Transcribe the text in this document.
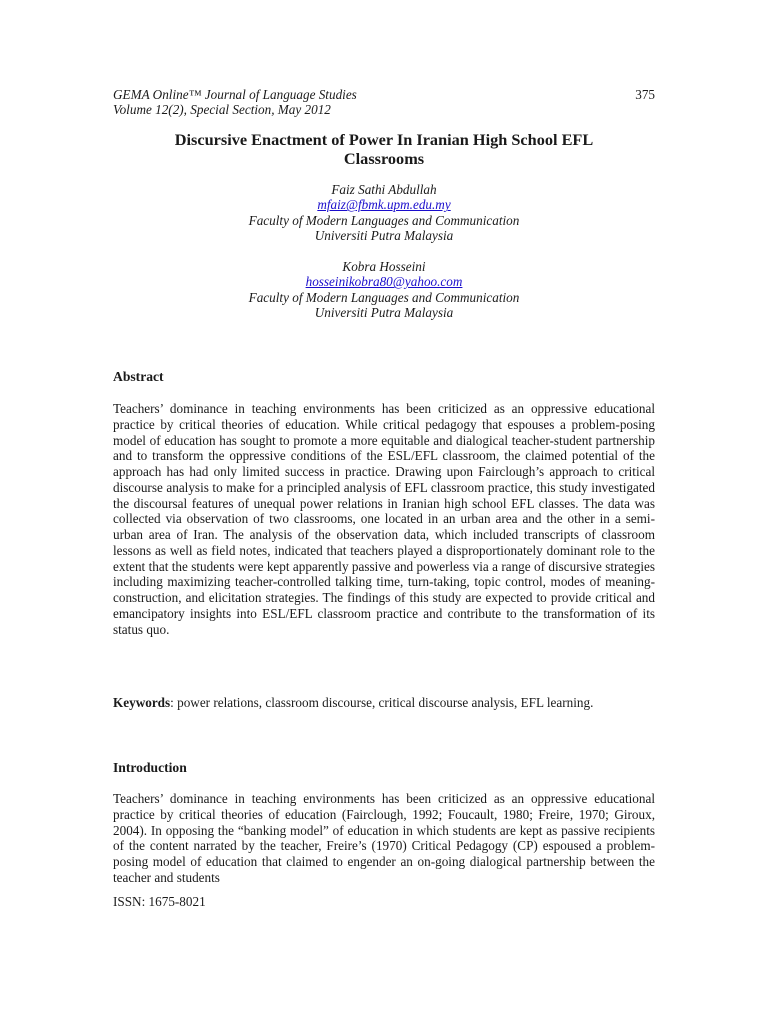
GEMA Online™ Journal of Language Studies
Volume 12(2), Special Section, May 2012
375
Discursive Enactment of Power In Iranian High School EFL
Classrooms
Faiz Sathi Abdullah
mfaiz@fbmk.upm.edu.my
Faculty of Modern Languages and Communication
Universiti Putra Malaysia
Kobra Hosseini
hosseinikobra80@yahoo.com
Faculty of Modern Languages and Communication
Universiti Putra Malaysia
Abstract
Teachers’ dominance in teaching environments has been criticized as an oppressive educational practice by critical theories of education. While critical pedagogy that espouses a problem-posing model of education has sought to promote a more equitable and dialogical teacher-student partnership and to transform the oppressive conditions of the ESL/EFL classroom, the claimed potential of the approach has had only limited success in practice. Drawing upon Fairclough’s approach to critical discourse analysis to make for a principled analysis of EFL classroom practice, this study investigated the discoursal features of unequal power relations in Iranian high school EFL classes. The data was collected via observation of two classrooms, one located in an urban area and the other in a semi-urban area of Iran. The analysis of the observation data, which included transcripts of classroom lessons as well as field notes, indicated that teachers played a disproportionately dominant role to the extent that the students were kept apparently passive and powerless via a range of discursive strategies including maximizing teacher-controlled talking time, turn-taking, topic control, modes of meaning-construction, and elicitation strategies. The findings of this study are expected to provide critical and emancipatory insights into ESL/EFL classroom practice and contribute to the transformation of its status quo.
Keywords: power relations, classroom discourse, critical discourse analysis, EFL learning.
Introduction
Teachers’ dominance in teaching environments has been criticized as an oppressive educational practice by critical theories of education (Fairclough, 1992; Foucault, 1980; Freire, 1970; Giroux, 2004). In opposing the “banking model” of education in which students are kept as passive recipients of the content narrated by the teacher, Freire’s (1970) Critical Pedagogy (CP) espoused a problem-posing model of education that claimed to engender an on-going dialogical partnership between the teacher and students
ISSN: 1675-8021
